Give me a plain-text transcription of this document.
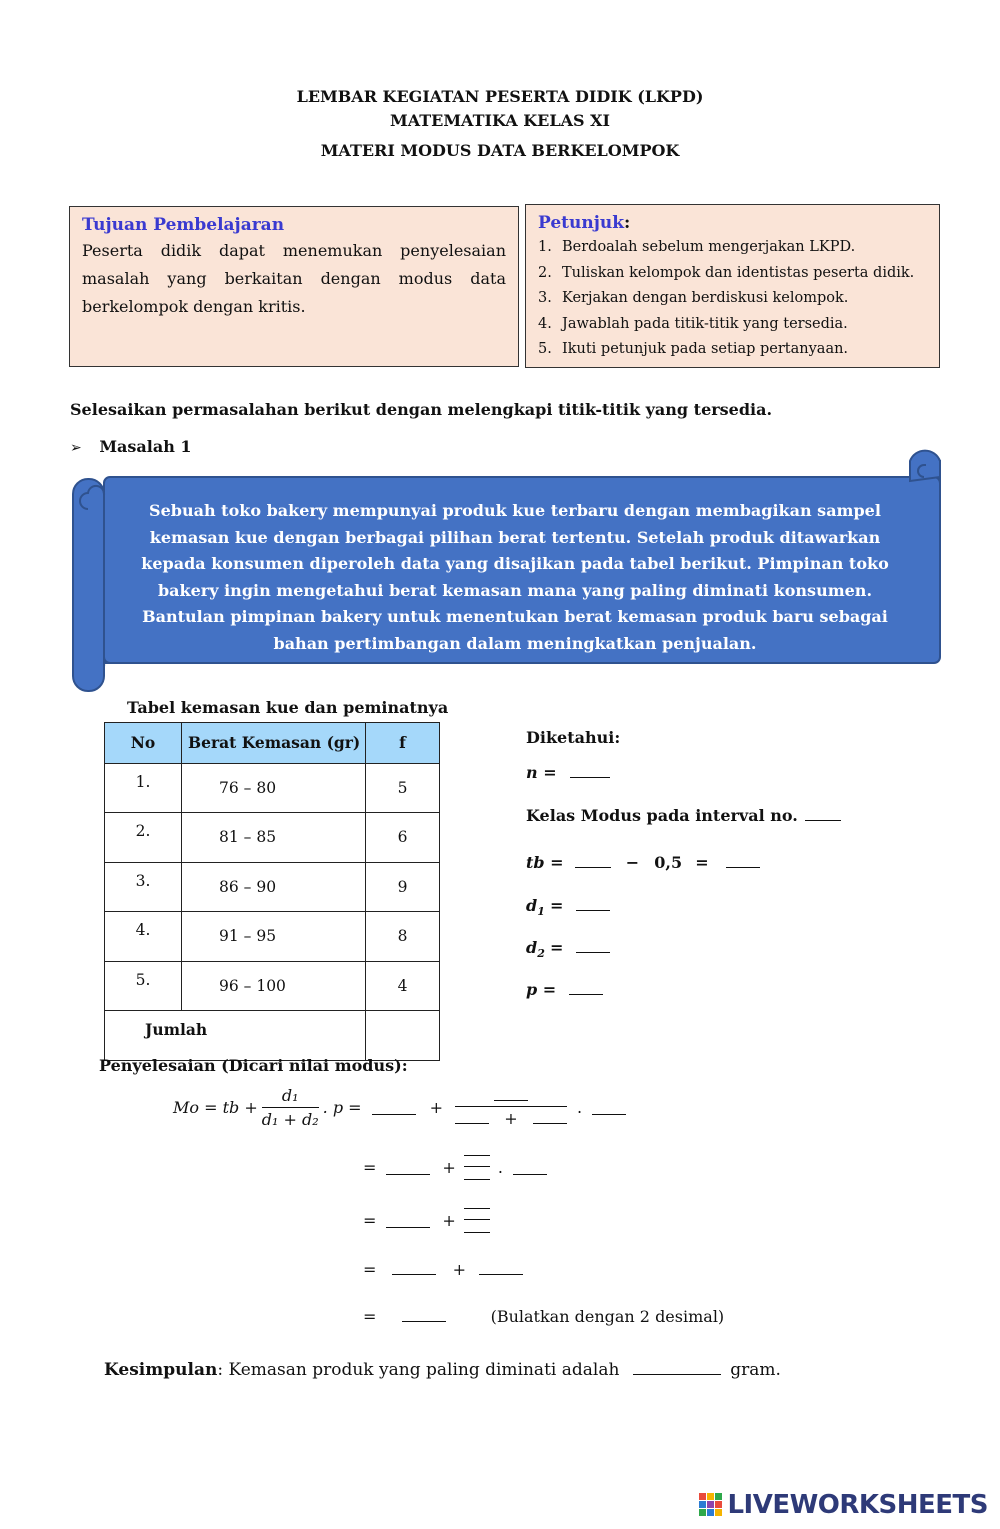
LEMBAR KEGIATAN PESERTA DIDIK (LKPD)
MATEMATIKA KELAS XI
MATERI MODUS DATA BERKELOMPOK
Tujuan Pembelajaran
Peserta didik dapat menemukan penyelesaian masalah yang berkaitan dengan modus data berkelompok dengan kritis.
Petunjuk:
1. Berdoalah sebelum mengerjakan LKPD.
2. Tuliskan kelompok dan identistas peserta didik.
3. Kerjakan dengan berdiskusi kelompok.
4. Jawablah pada titik-titik yang tersedia.
5. Ikuti petunjuk pada setiap pertanyaan.
Selesaikan permasalahan berikut dengan melengkapi titik-titik yang tersedia.
➢ Masalah 1
Sebuah toko bakery mempunyai produk kue terbaru dengan membagikan sampel kemasan kue dengan berbagai pilihan berat tertentu. Setelah produk ditawarkan kepada konsumen diperoleh data yang disajikan pada tabel berikut. Pimpinan toko bakery ingin mengetahui berat kemasan mana yang paling diminati konsumen. Bantulan pimpinan bakery untuk menentukan berat kemasan produk baru sebagai bahan pertimbangan dalam meningkatkan penjualan.
Tabel kemasan kue dan peminatnya
No	Berat Kemasan (gr)	f
1.	76 – 80	5
2.	81 – 85	6
3.	86 – 90	9
4.	91 – 95	8
5.	96 – 100	4
Jumlah		
Diketahui:
n =
Kelas Modus pada interval no.
tb =	− 0,5 =
$d_1$ =
$d_2$ =
p =
Penyelesaian (Dicari nilai modus):
Mo = tb + $\frac{\text{d₁}}{\text{d₁ + d₂}}$ . p =	+
+
.
=	+	.
=	+
=	+
=	(Bulatkan dengan 2 desimal)
Kesimpulan: Kemasan produk yang paling diminati adalah	gram.
LIVEWORKSHEETS
